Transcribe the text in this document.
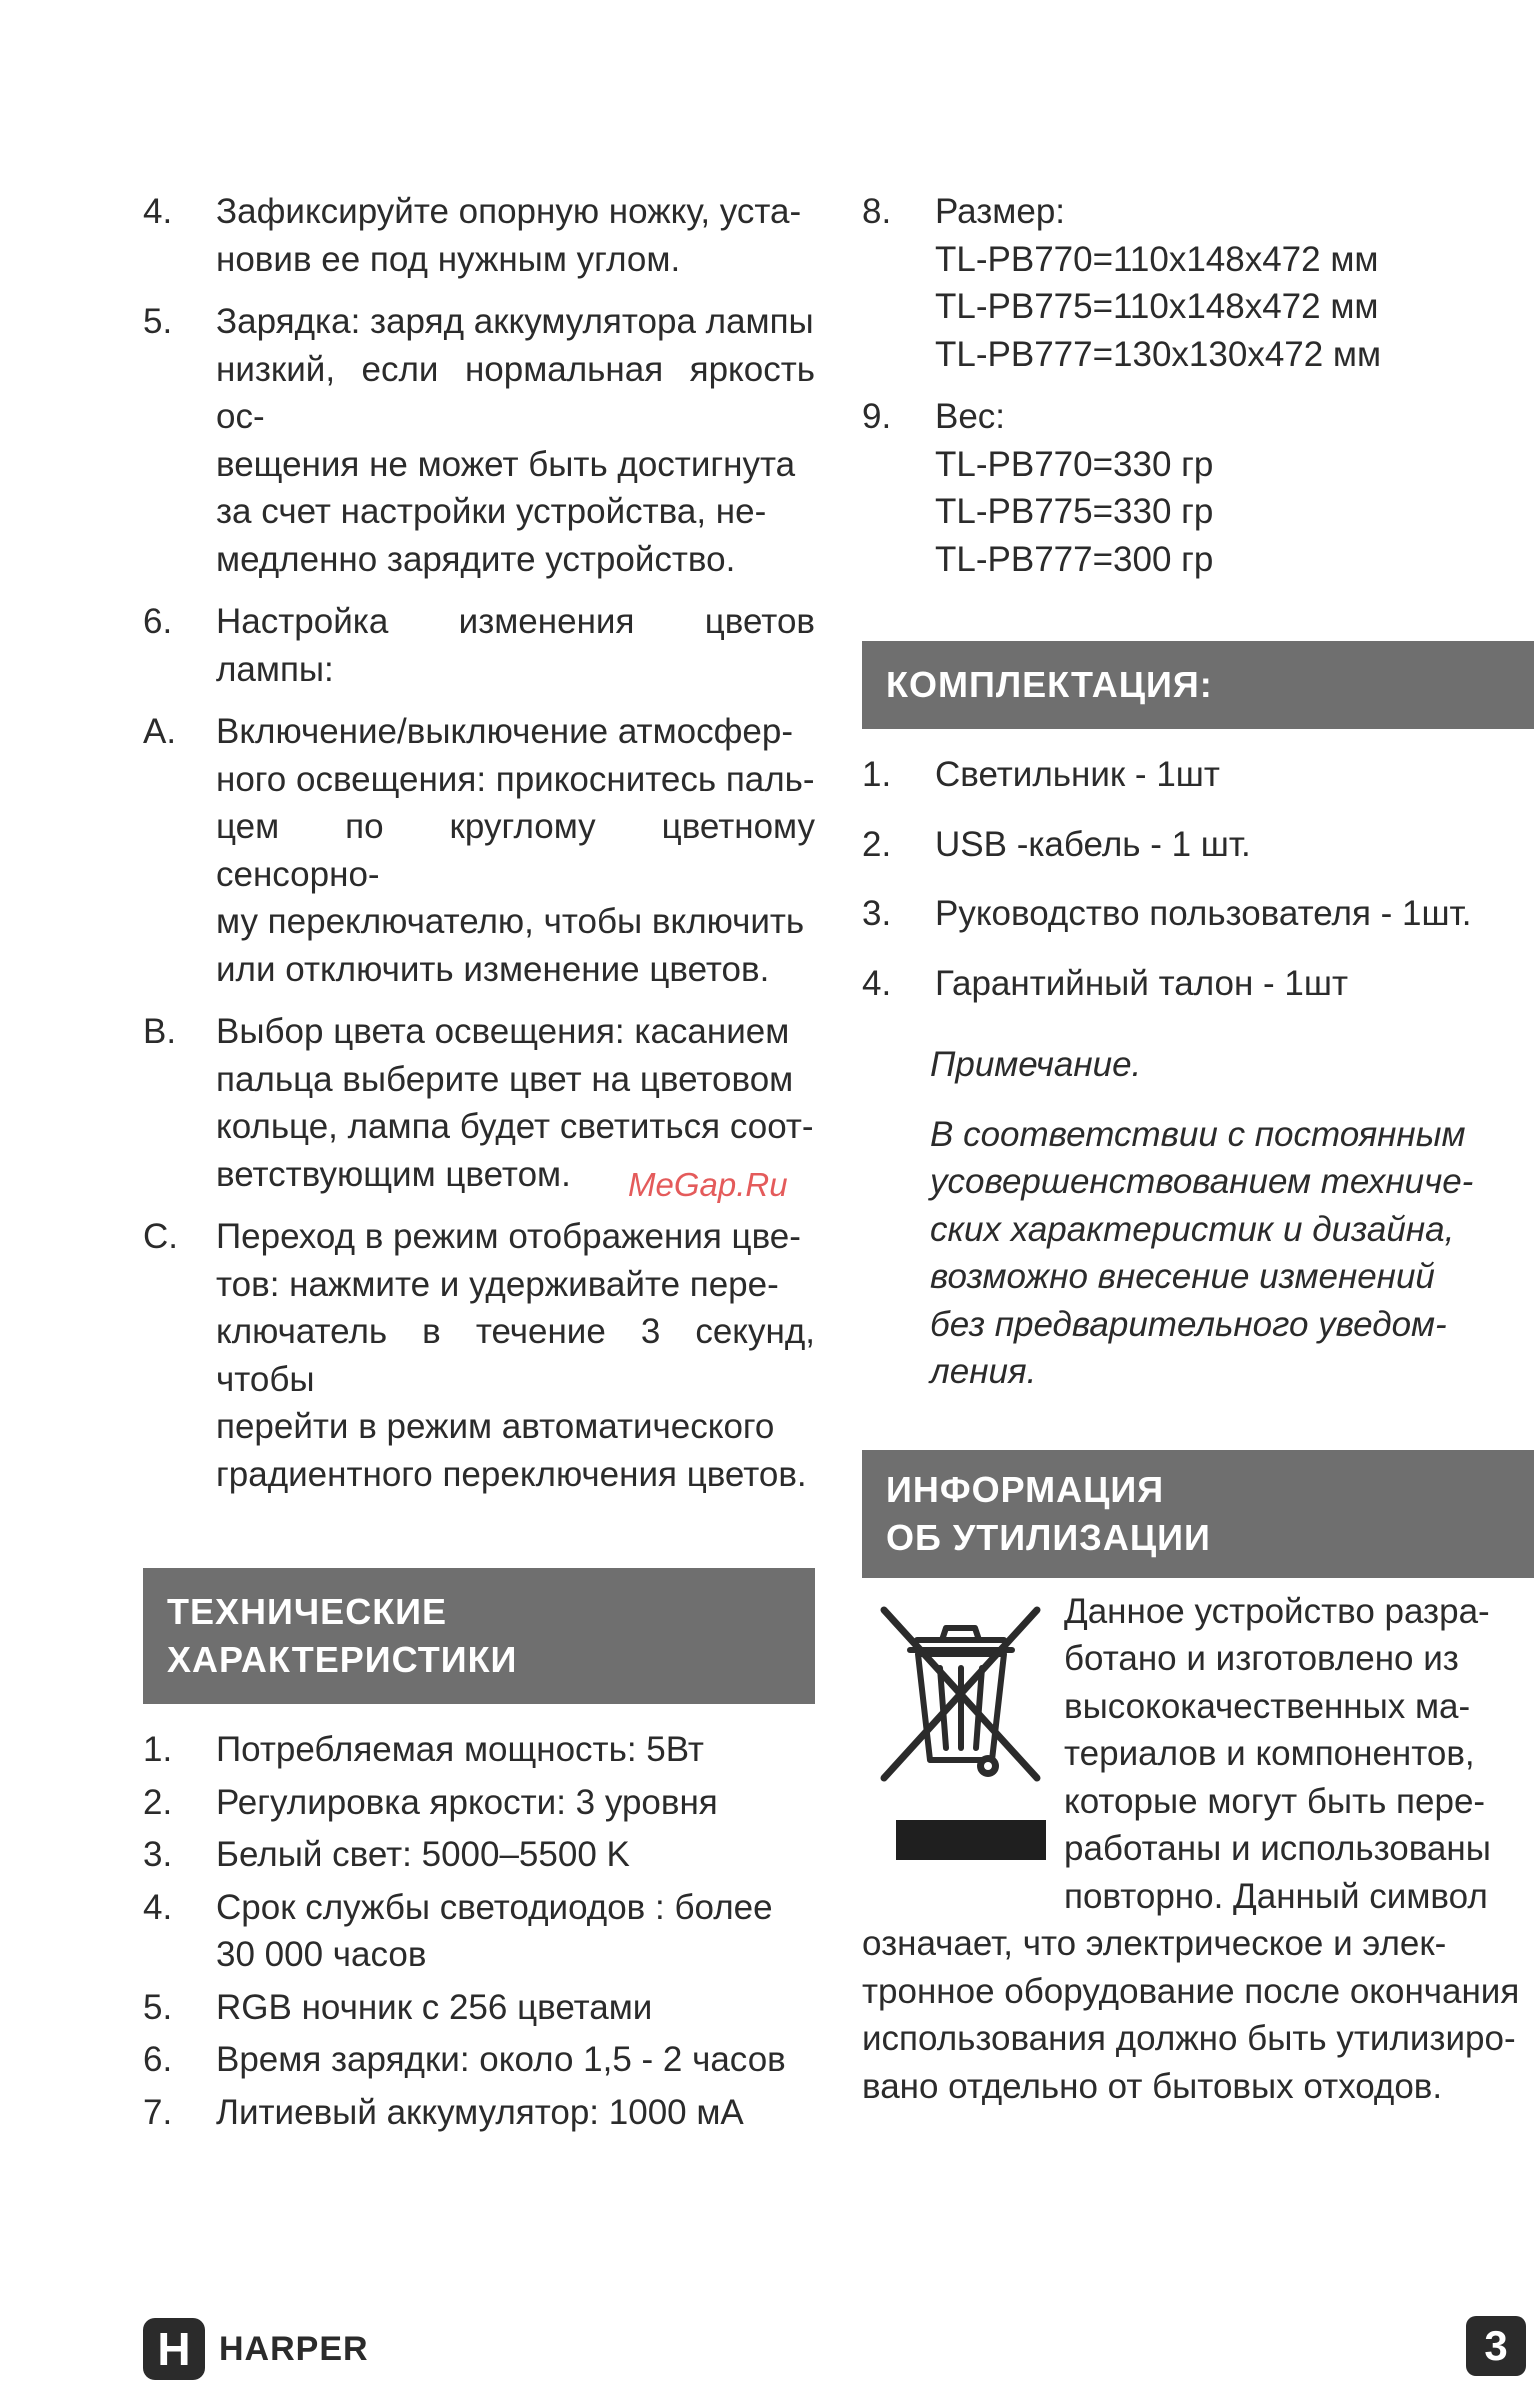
4.	Зафиксируйте опорную ножку, уста-
новив ее под нужным углом.
5.	Зарядка: заряд аккумулятора лампы
низкий, если нормальная яркость ос-
вещения не может быть достигнута
за счет настройки устройства, не-
медленно зарядите устройство.
6.	Настройка изменения цветов лампы:
A.	Включение/выключение атмосфер-
ного освещения: прикоснитесь паль-
цем по круглому цветному сенсорно-
му переключателю, чтобы включить
или отключить изменение цветов.
B.	Выбор цвета освещения: касанием
пальца выберите цвет на цветовом
кольце, лампа будет светиться соот-
ветствующим цветом.
C.	Переход в режим отображения цве-
тов: нажмите и удерживайте пере-
ключатель в течение 3 секунд, чтобы
перейти в режим автоматического
градиентного переключения цветов.
ТЕХНИЧЕСКИЕ
ХАРАКТЕРИСТИКИ
1.	Потребляемая мощность: 5Вт
2.	Регулировка яркости: 3 уровня
3.	Белый свет: 5000–5500 K
4.	Срок службы светодиодов : более
30 000 часов
5.	RGB ночник с 256 цветами
6.	Время зарядки: около 1,5 - 2 часов
7.	Литиевый аккумулятор: 1000 мА
8.	Размер:
TL-PB770=110x148x472 мм
TL-PB775=110x148x472 мм
TL-PB777=130x130x472 мм
9.	Вес:
TL-PB770=330 гр
TL-PB775=330 гр
TL-PB777=300 гр
КОМПЛЕКТАЦИЯ:
1.	Светильник - 1шт
2.	USB -кабель - 1 шт.
3.	Руководство пользователя - 1шт.
4.	Гарантийный талон - 1шт

Примечание.

В соответствии с постоянным
усовершенствованием техниче-
ских характеристик и дизайна,
возможно внесение изменений
без предварительного уведом-
ления.

ИНФОРМАЦИЯ
ОБ УТИЛИЗАЦИИ
Данное устройство разра-
ботано и изготовлено из
высококачественных ма-
териалов и компонентов,
которые могут быть пере-
работаны и использованы
повторно. Данный символ
означает, что электрическое и элек-
тронное оборудование после окончания
использования должно быть утилизиро-
вано отдельно от бытовых отходов.
MeGap.Ru
H HARPER	3
